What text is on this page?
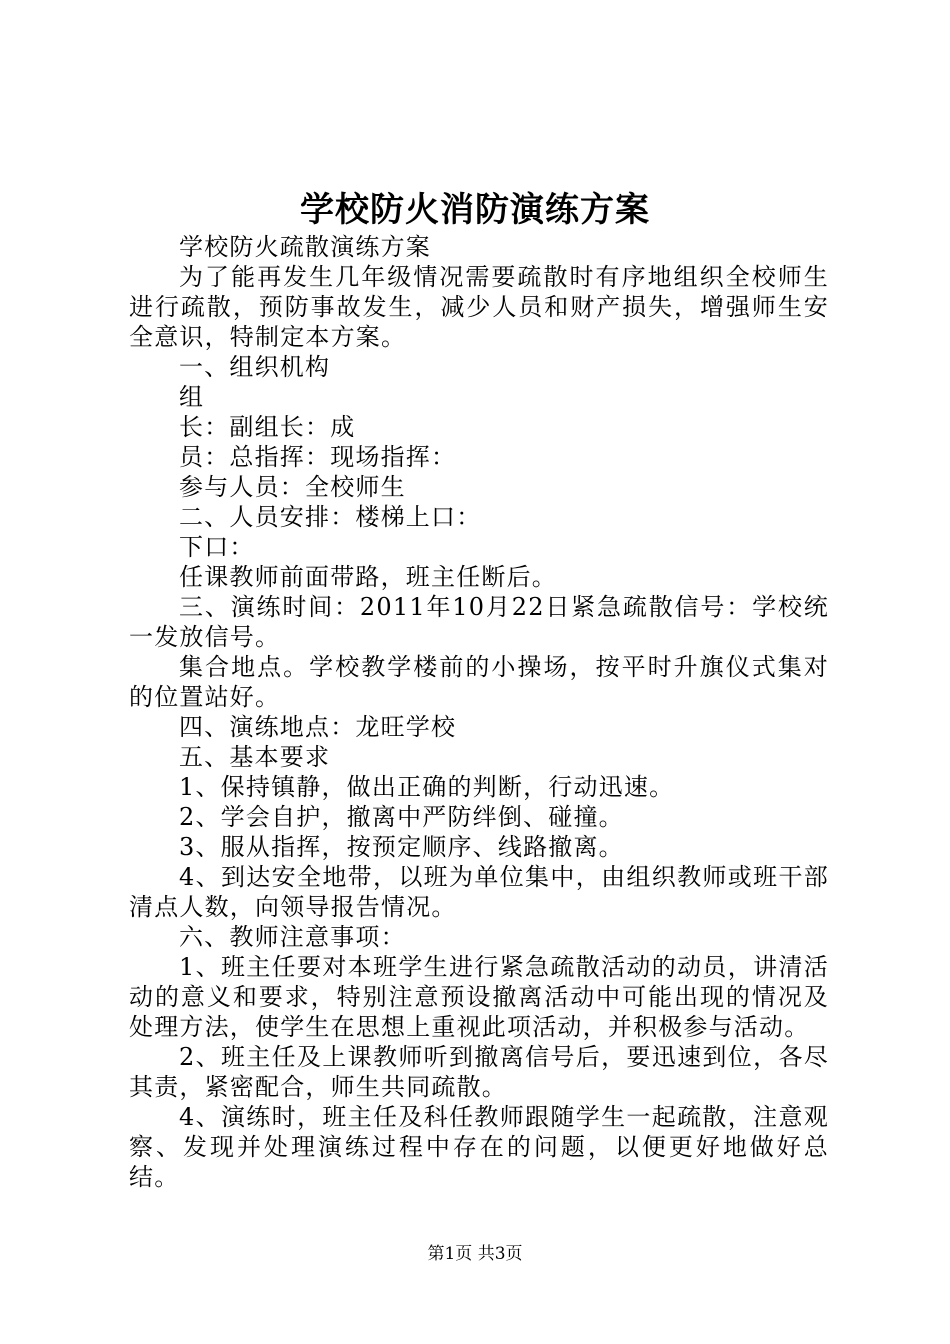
学校防火消防演练方案

学校防火疏散演练方案

为了能再发生几年级情况需要疏散时有序地组织全校师生进行疏散，预防事故发生，减少人员和财产损失，增强师生安全意识，特制定本方案。

一、组织机构

组

长：副组长：成

员：总指挥：现场指挥：

参与人员：全校师生

二、人员安排：楼梯上口：

下口：

任课教师前面带路，班主任断后。

三、演练时间：2011年10月22日紧急疏散信号：学校统一发放信号。

集合地点。学校教学楼前的小操场，按平时升旗仪式集对的位置站好。

四、演练地点：龙旺学校

五、基本要求

1、保持镇静，做出正确的判断，行动迅速。

2、学会自护，撤离中严防绊倒、碰撞。

3、服从指挥，按预定顺序、线路撤离。

4、到达安全地带，以班为单位集中，由组织教师或班干部清点人数，向领导报告情况。

六、教师注意事项：

1、班主任要对本班学生进行紧急疏散活动的动员，讲清活动的意义和要求，特别注意预设撤离活动中可能出现的情况及处理方法，使学生在思想上重视此项活动，并积极参与活动。

2、班主任及上课教师听到撤离信号后，要迅速到位，各尽其责，紧密配合，师生共同疏散。

4、演练时，班主任及科任教师跟随学生一起疏散，注意观察、发现并处理演练过程中存在的问题，以便更好地做好总结。

第1页 共3页
